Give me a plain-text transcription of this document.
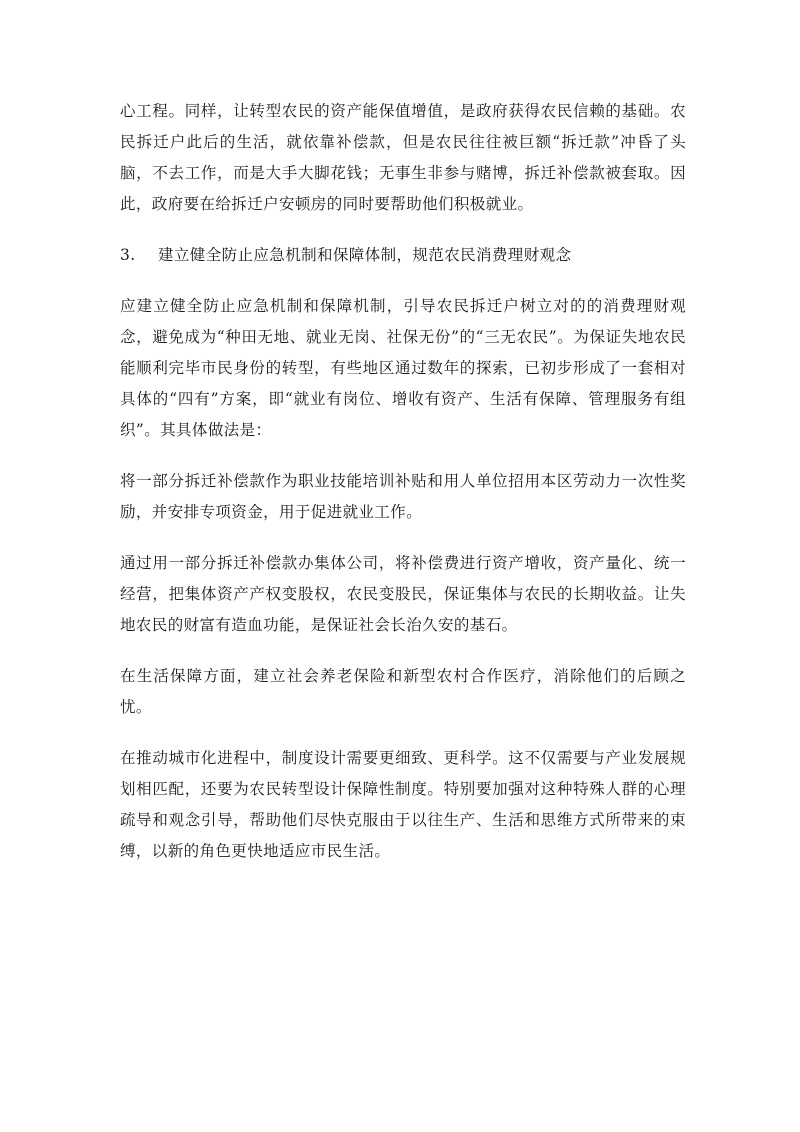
心工程。同样，让转型农民的资产能保值增值，是政府获得农民信赖的基础。农民拆迁户此后的生活，就依靠补偿款，但是农民往往被巨额“拆迁款”冲昏了头脑，不去工作，而是大手大脚花钱；无事生非参与赌博，拆迁补偿款被套取。因此，政府要在给拆迁户安顿房的同时要帮助他们积极就业。

3.	建立健全防止应急机制和保障体制，规范农民消费理财观念

应建立健全防止应急机制和保障机制，引导农民拆迁户树立对的的消费理财观念，避免成为“种田无地、就业无岗、社保无份”的“三无农民”。为保证失地农民能顺利完毕市民身份的转型，有些地区通过数年的探索，已初步形成了一套相对具体的“四有”方案，即“就业有岗位、增收有资产、生活有保障、管理服务有组织”。其具体做法是：

将一部分拆迁补偿款作为职业技能培训补贴和用人单位招用本区劳动力一次性奖励，并安排专项资金，用于促进就业工作。

通过用一部分拆迁补偿款办集体公司，将补偿费进行资产增收，资产量化、统一经营，把集体资产产权变股权，农民变股民，保证集体与农民的长期收益。让失地农民的财富有造血功能，是保证社会长治久安的基石。

在生活保障方面，建立社会养老保险和新型农村合作医疗，消除他们的后顾之忧。

在推动城市化进程中，制度设计需要更细致、更科学。这不仅需要与产业发展规划相匹配，还要为农民转型设计保障性制度。特别要加强对这种特殊人群的心理疏导和观念引导，帮助他们尽快克服由于以往生产、生活和思维方式所带来的束缚，以新的角色更快地适应市民生活。
